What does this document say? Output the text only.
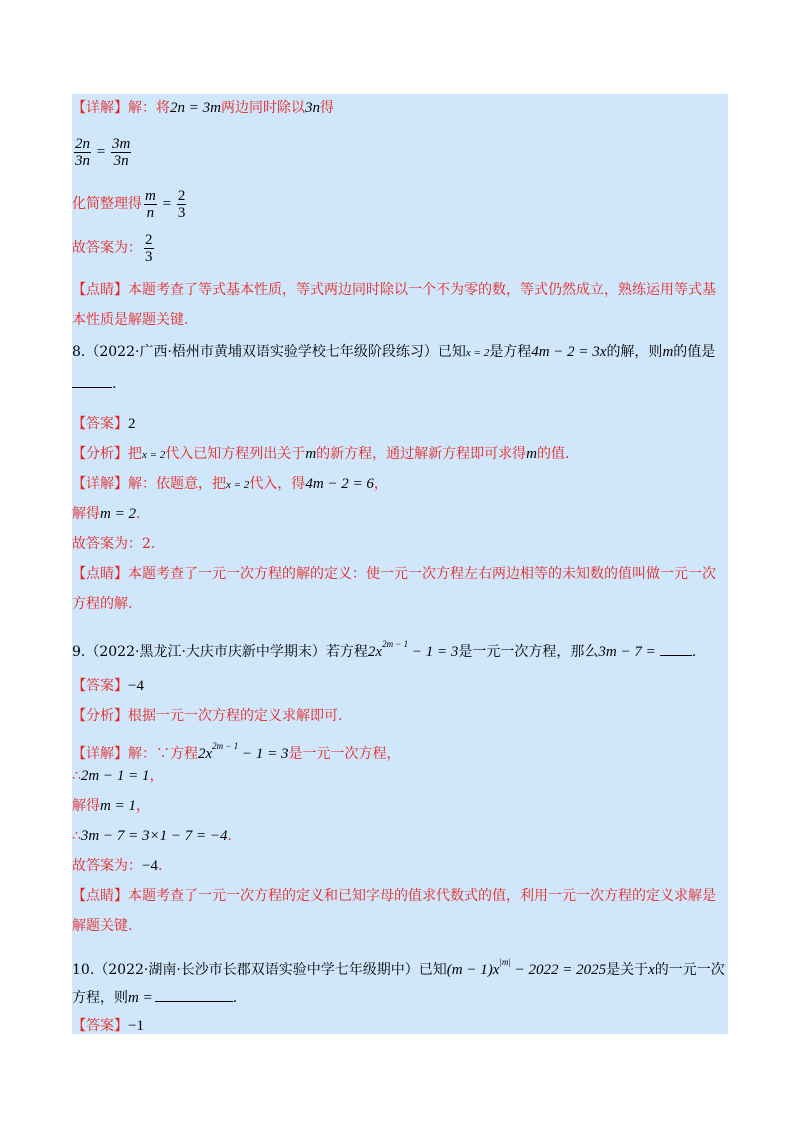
【详解】解：将2n = 3m两边同时除以3n得
$\frac{2n}{3n} = \frac{3m}{3n}$
化简整理得 $\frac{m}{n} = \frac{2}{3}$
故答案为： $\frac{2}{3}$
【点睛】本题考查了等式基本性质，等式两边同时除以一个不为零的数，等式仍然成立，熟练运用等式基
本性质是解题关键.
8.（2022·广西·梧州市黄埔双语实验学校七年级阶段练习）已知x = 2是方程4m − 2 = 3x的解，则m的值是
.
【答案】2
【分析】把x = 2代入已知方程列出关于m的新方程，通过解新方程即可求得m的值.
【详解】解：依题意，把x = 2代入，得4m − 2 = 6，
解得m = 2.
故答案为：2.
【点睛】本题考查了一元一次方程的解的定义：使一元一次方程左右两边相等的未知数的值叫做一元一次
方程的解.
9.（2022·黑龙江·大庆市庆新中学期末）若方程$2x^{2m - 1} - 1 = 3$是一元一次方程，那么3m − 7 =	.
【答案】−4
【分析】根据一元一次方程的定义求解即可.
【详解】解：∵方程$2x^{2m - 1} - 1 = 3$是一元一次方程，
∴2m − 1 = 1，
解得m = 1，
∴3m − 7 = 3×1 − 7 = −4.
故答案为：−4.
【点睛】本题考查了一元一次方程的定义和已知字母的值求代数式的值，利用一元一次方程的定义求解是
解题关键.
10.（2022·湖南·长沙市长郡双语实验中学七年级期中）已知$(m - 1)x^{|m|} - 2022 = 2025$是关于x的一元一次
方程，则m =	.
【答案】−1
